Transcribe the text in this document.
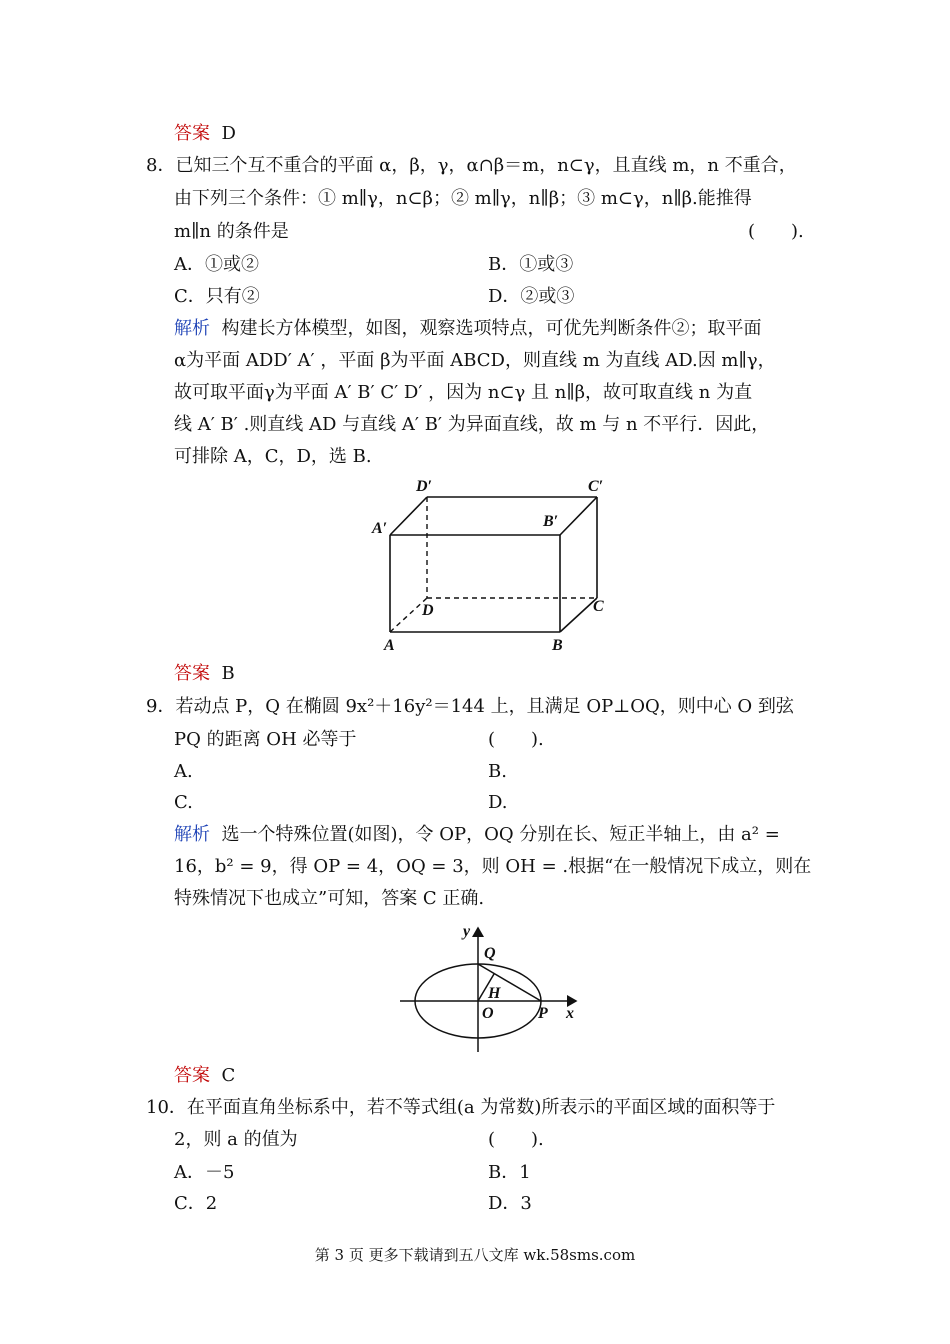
答案 D
8．已知三个互不重合的平面 α，β，γ，α∩β＝m，n⊂γ，且直线 m，n 不重合，
由下列三个条件：① m∥γ，n⊂β；② m∥γ，n∥β；③ m⊂γ，n∥β.能推得
m∥n 的条件是	(　　).
A．①或②	B．①或③
C．只有②	D．②或③
解析 构建长方体模型，如图，观察选项特点，可优先判断条件②；取平面
α为平面 ADD′ A′ ，平面 β为平面 ABCD，则直线 m 为直线 AD.因 m∥γ，
故可取平面γ为平面 A′ B′ C′ D′ ，因为 n⊂γ 且 n∥β，故可取直线 n 为直
线 A′ B′ .则直线 AD 与直线 A′ B′ 为异面直线，故 m 与 n 不平行．因此，
可排除 A，C，D，选 B.
D′	C′
A′	B′
D	C
A	B
答案 B
9．若动点 P，Q 在椭圆 9x²＋16y²＝144 上，且满足 OP⊥OQ，则中心 O 到弦
PQ 的距离 OH 必等于	(　　).
A.	B.
C.	D.
解析 选一个特殊位置(如图)，令 OP，OQ 分别在长、短正半轴上，由 a² =
16，b² = 9，得 OP = 4，OQ = 3，则 OH = .根据“在一般情况下成立，则在
特殊情况下也成立”可知，答案 C 正确.
y
Q
H
O	P x
答案 C
10．在平面直角坐标系中，若不等式组(a 为常数)所表示的平面区域的面积等于
2，则 a 的值为	(　　).
A．－5	B．1
C．2	D．3
第 3 页 更多下载请到五八文库 wk.58sms.com
